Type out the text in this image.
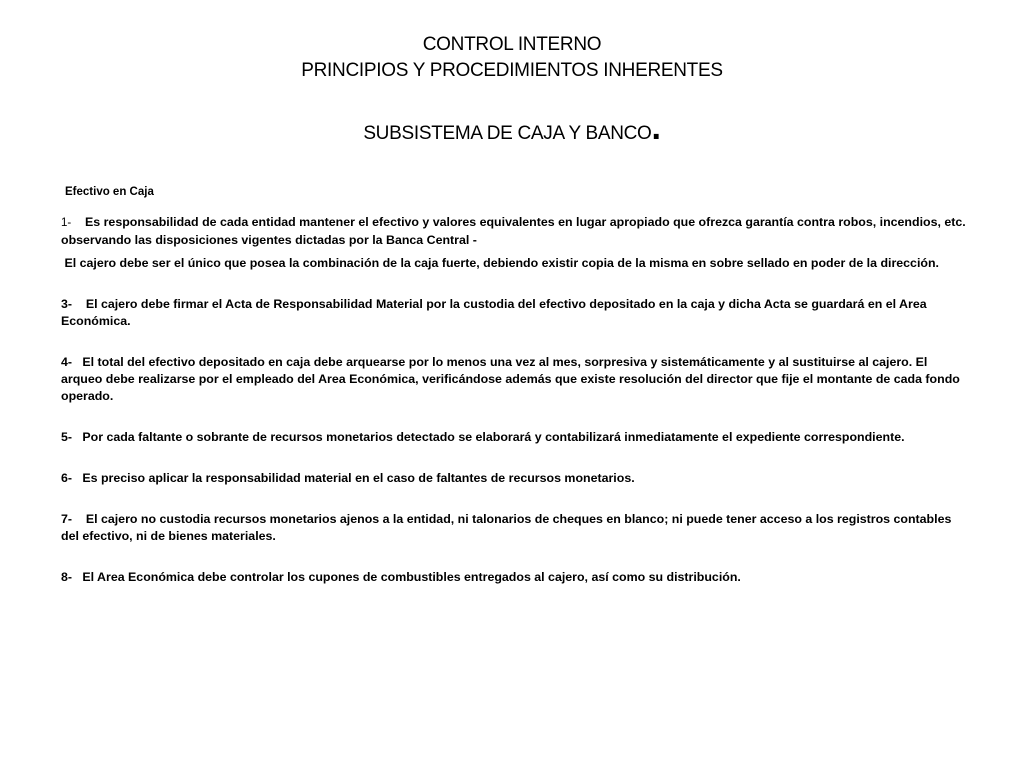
CONTROL INTERNO
PRINCIPIOS Y PROCEDIMIENTOS INHERENTES
SUBSISTEMA DE CAJA Y BANCO.
Efectivo en Caja
1- Es responsabilidad de cada entidad mantener el efectivo y valores equivalentes en lugar apropiado que ofrezca garantía contra robos, incendios, etc. observando las disposiciones vigentes dictadas por la Banca Central -
El cajero debe ser el único que posea la combinación de la caja fuerte, debiendo existir copia de la misma en sobre sellado en poder de la dirección.
3- El cajero debe firmar el Acta de Responsabilidad Material por la custodia del efectivo depositado en la caja y dicha Acta se guardará en el Area Económica.
4- El total del efectivo depositado en caja debe arquearse por lo menos una vez al mes, sorpresiva y sistemáticamente y al sustituirse al cajero. El arqueo debe realizarse por el empleado del Area Económica, verificándose además que existe resolución del director que fije el montante de cada fondo operado.
5- Por cada faltante o sobrante de recursos monetarios detectado se elaborará y contabilizará inmediatamente el expediente correspondiente.
6- Es preciso aplicar la responsabilidad material en el caso de faltantes de recursos monetarios.
7- El cajero no custodia recursos monetarios ajenos a la entidad, ni talonarios de cheques en blanco; ni puede tener acceso a los registros contables del efectivo, ni de bienes materiales.
8- El Area Económica debe controlar los cupones de combustibles entregados al cajero, así como su distribución.
